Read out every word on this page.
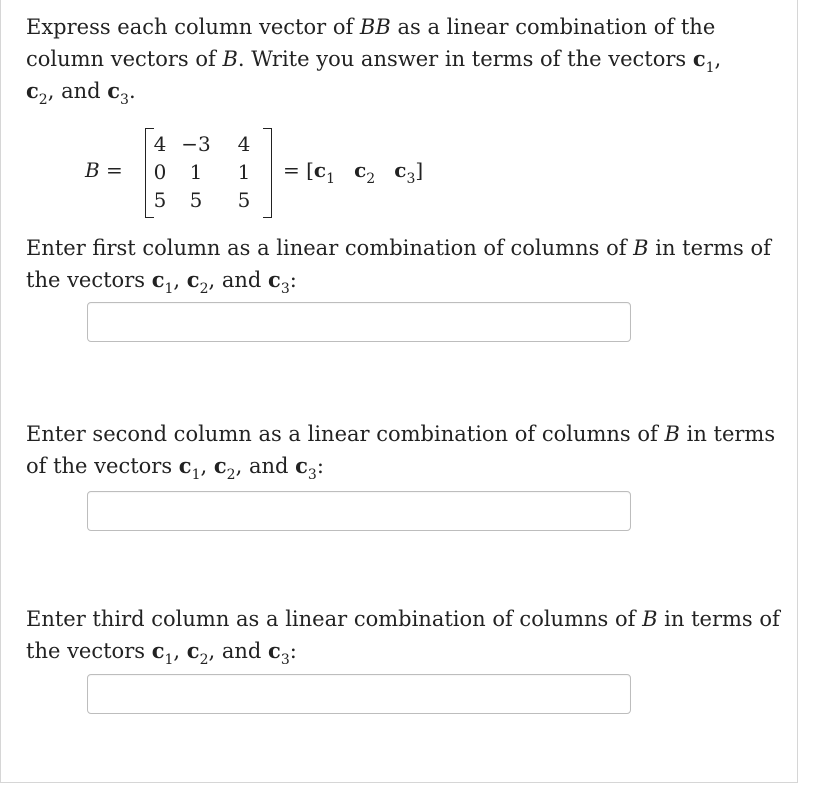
Express each column vector of BB as a linear combination of the column vectors of B. Write you answer in terms of the vectors $c_1$, $c_2$, and $c_3$.
B =
4 −3	4
0	1	1
5	5	5
= [$c_1$ $c_2$ $c_3$]
Enter first column as a linear combination of columns of B in terms of the vectors $c_1$, $c_2$, and $c_3$:
Enter second column as a linear combination of columns of B in terms of the vectors $c_1$, $c_2$, and $c_3$:
Enter third column as a linear combination of columns of B in terms of the vectors $c_1$, $c_2$, and $c_3$:
